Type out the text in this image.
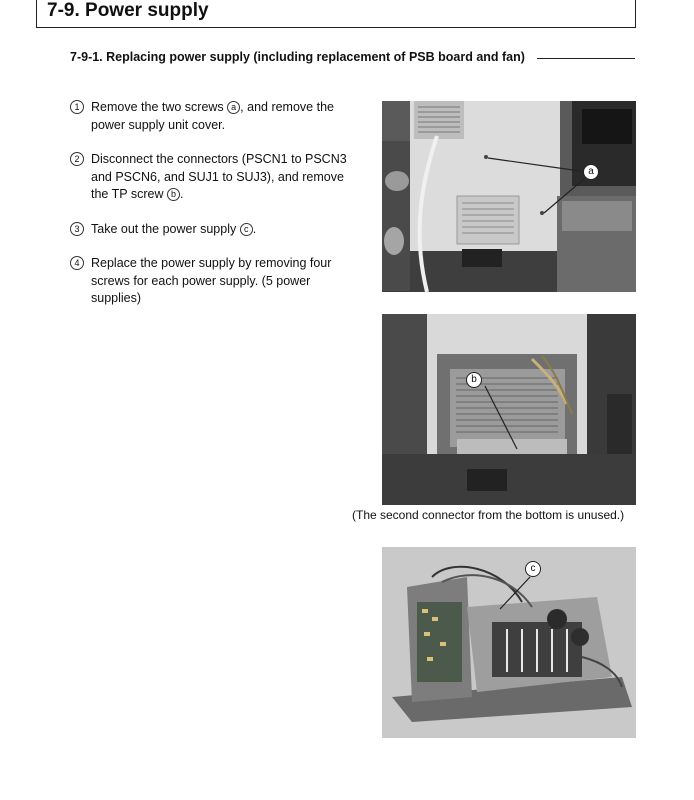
7-9. Power supply
7-9-1. Replacing power supply (including replacement of PSB board and fan)
1 Remove the two screws a , and remove the power supply unit cover.
2 Disconnect the connectors (PSCN1 to PSCN3 and PSCN6, and SUJ1 to SUJ3), and remove the TP screw b .
3 Take out the power supply c .
4 Replace the power supply by removing four screws for each power supply. (5 power supplies)
a
b
(The second connector from the bottom is unused.)
c
